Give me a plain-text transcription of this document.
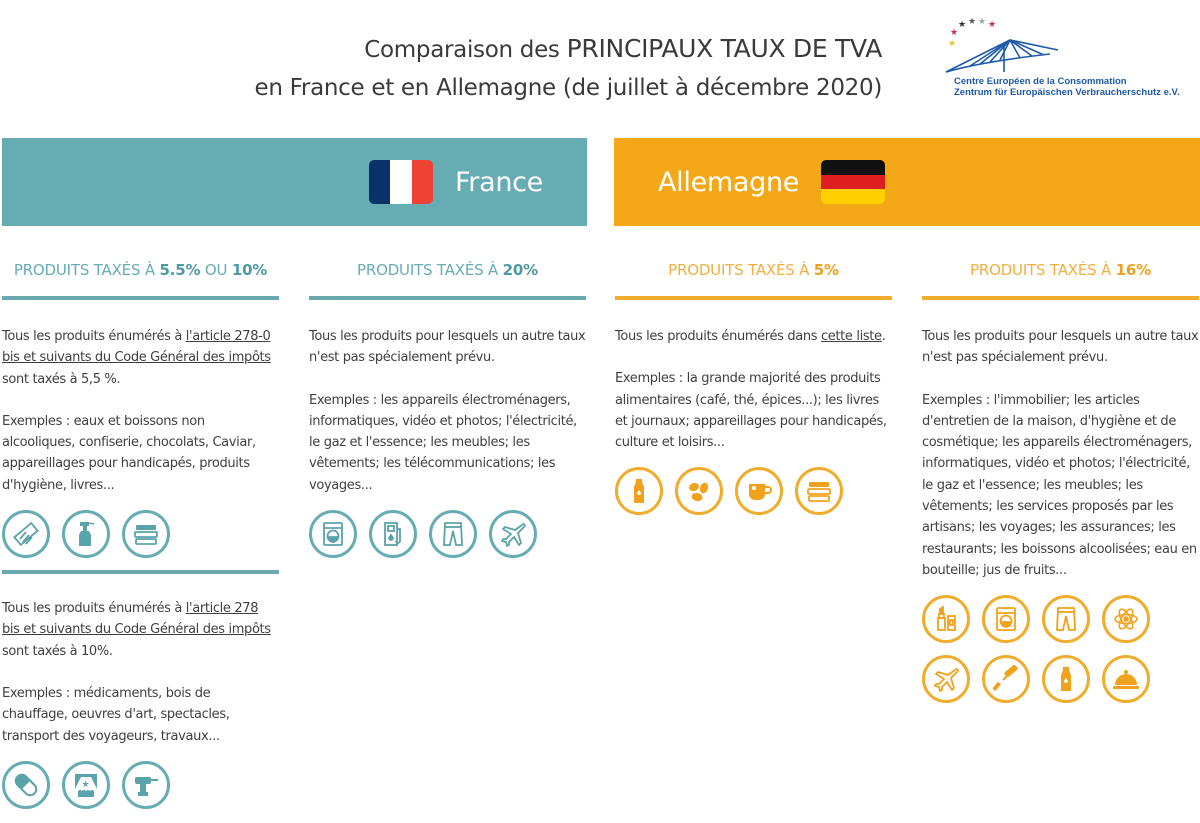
Comparaison des PRINCIPAUX TAUX DE TVA
en France et en Allemagne (de juillet à décembre 2020)
★ ★ ★ ★
★
★
Centre Européen de la Consommation
Zentrum für Europäischen Verbraucherschutz e.V.
France	Allemagne
PRODUITS TAXÉS À 5.5% OU 10%

Tous les produits énumérés à l'article 278-0 bis et suivants du Code Général des impôts sont taxés à 5,5 %.

Exemples : eaux et boissons non alcooliques, confiserie, chocolats, Caviar, appareillages pour handicapés, produits d'hygiène, livres...

Tous les produits énumérés à l'article 278 bis et suivants du Code Général des impôts sont taxés à 10%.

Exemples : médicaments, bois de chauffage, oeuvres d'art, spectacles, transport des voyageurs, travaux...

PRODUITS TAXÉS À 20%

Tous les produits pour lesquels un autre taux n'est pas spécialement prévu.

Exemples : les appareils électroménagers, informatiques, vidéo et photos; l'électricité, le gaz et l'essence; les meubles; les vêtements; les télécommunications; les voyages...

PRODUITS TAXÉS À 5%

Tous les produits énumérés dans cette liste.

Exemples : la grande majorité des produits alimentaires (café, thé, épices...); les livres et journaux; appareillages pour handicapés, culture et loisirs...

PRODUITS TAXÉS À 16%

Tous les produits pour lesquels un autre taux n'est pas spécialement prévu.

Exemples : l'immobilier; les articles d'entretien de la maison, d'hygiène et de cosmétique; les appareils électroménagers, informatiques, vidéo et photos; l'électricité, le gaz et l'essence; les meubles; les vêtements; les services proposés par les artisans; les voyages; les assurances; les restaurants; les boissons alcoolisées; eau en bouteille; jus de fruits...
